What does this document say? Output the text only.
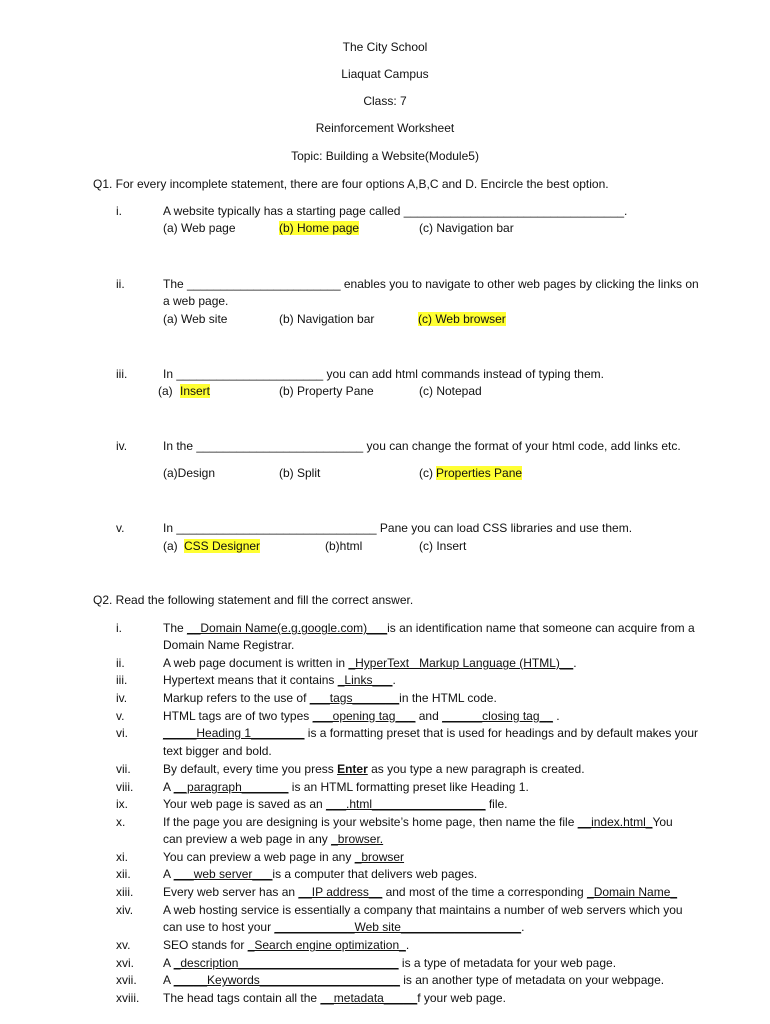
The City School
Liaquat Campus
Class: 7
Reinforcement Worksheet
Topic: Building a Website(Module5)
Q1. For every incomplete statement, there are four options A,B,C and D. Encircle the best option.
i.	A website typically has a starting page called _________________________________.
(a) Web page	(b) Home page	(c) Navigation bar
ii.	The _______________________ enables you to navigate to other web pages by clicking the links on
a web page.
(a) Web site	(b) Navigation bar	(c) Web browser
iii.	In ______________________ you can add html commands instead of typing them.
(a) Insert	(b) Property Pane	(c) Notepad
iv.	In the _________________________ you can change the format of your html code, add links etc.
(a)Design	(b) Split	(c) Properties Pane
v.	In ______________________________ Pane you can load CSS libraries and use them.
(a) CSS Designer	(b)html	(c) Insert
Q2. Read the following statement and fill the correct answer.
i.	The __Domain Name(e.g.google.com)___is an identification name that someone can acquire from a
Domain Name Registrar.
ii.	A web page document is written in _HyperText   Markup Language (HTML)__.
iii.	Hypertext means that it contains _Links___.
iv.	Markup refers to the use of ___tags_______in the HTML code.
v.	HTML tags are of two types ___opening tag___ and ______closing tag__ .
vi.	_____Heading 1________ is a formatting preset that is used for headings and by default makes your
text bigger and bold.
vii.	By default, every time you press Enter as you type a new paragraph is created.
viii. A __paragraph_______ is an HTML formatting preset like Heading 1.
ix.	Your web page is saved as an ___.html_________________ file.
x.	If the page you are designing is your website’s home page, then name the file __index.html_You
can preview a web page in any _browser.
xi.	You can preview a web page in any _browser
xii.	A ___web server___is a computer that delivers web pages.
xiii. Every web server has an __IP address__ and most of the time a corresponding _Domain Name_
xiv. A web hosting service is essentially a company that maintains a number of web servers which you
can use to host your ____________Web site__________________.
xv.	SEO stands for _Search engine optimization_.
xvi. A _description________________________ is a type of metadata for your web page.
xvii. A _____Keywords_____________________ is an another type of metadata on your webpage.
xviii. The head tags contain all the __metadata_____f your web page.
